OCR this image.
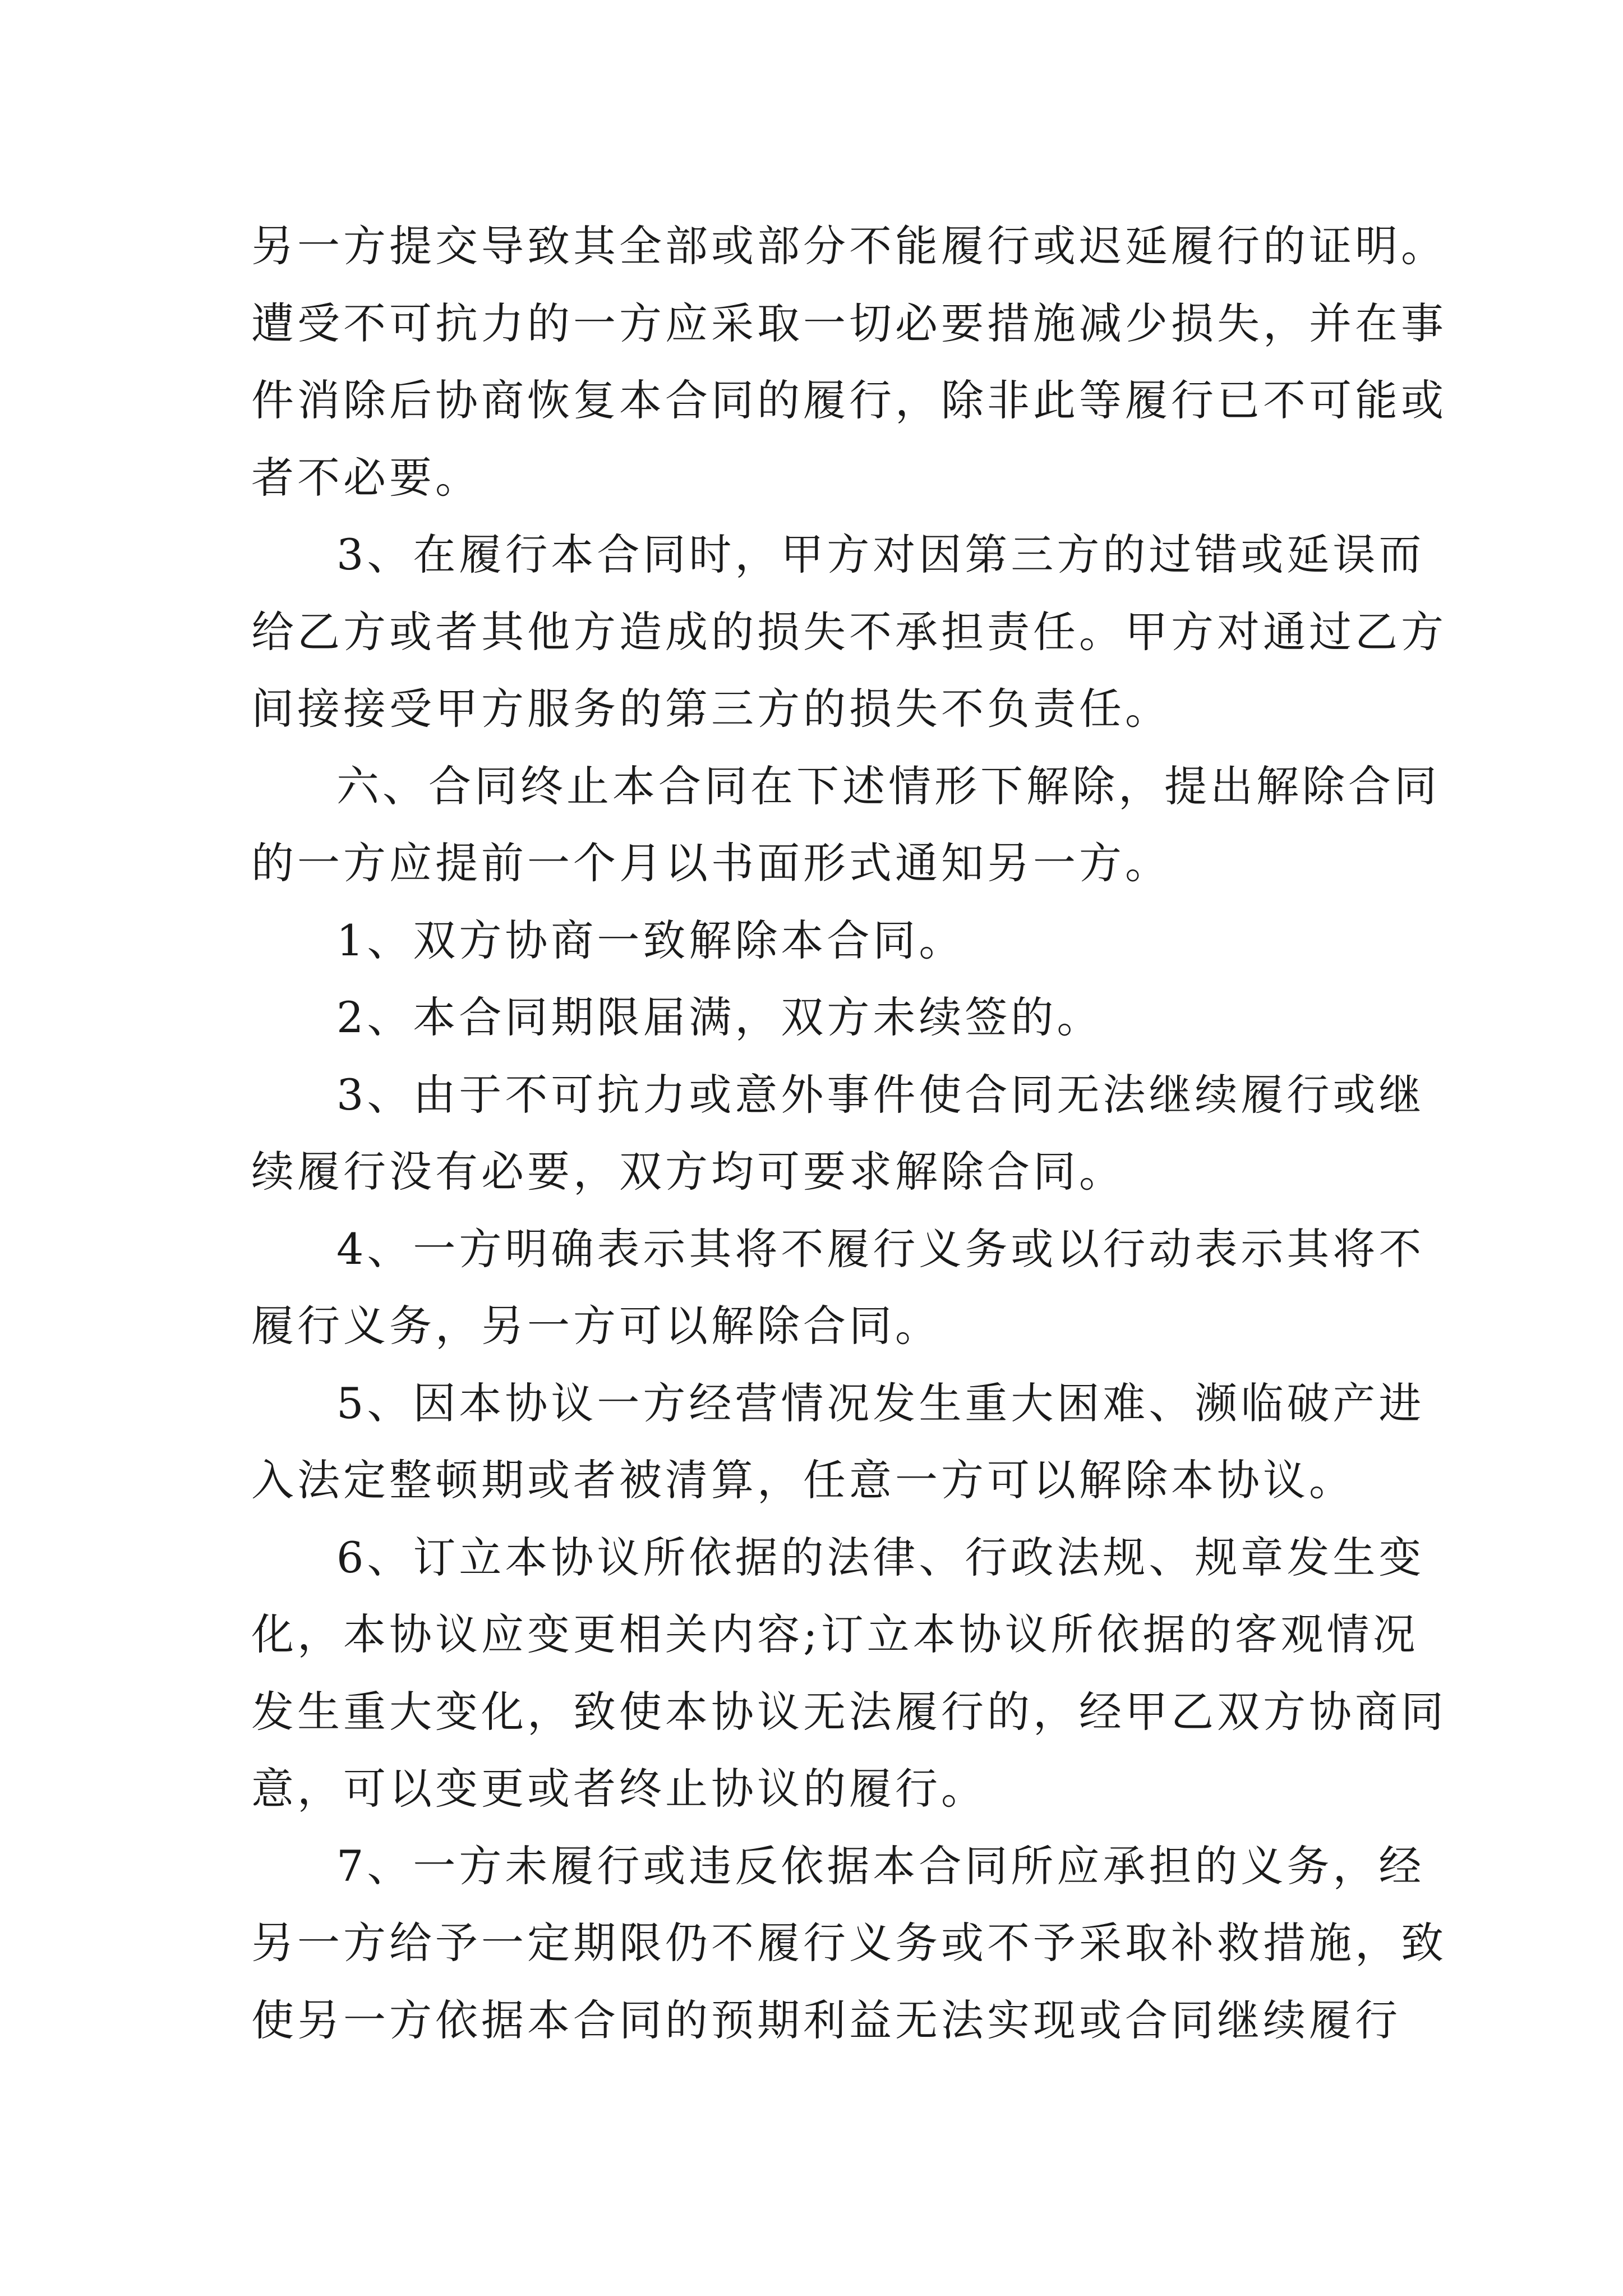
另一方提交导致其全部或部分不能履行或迟延履行的证明。
遭受不可抗力的一方应采取一切必要措施减少损失，并在事
件消除后协商恢复本合同的履行，除非此等履行已不可能或
者不必要。
3、在履行本合同时，甲方对因第三方的过错或延误而
给乙方或者其他方造成的损失不承担责任。甲方对通过乙方
间接接受甲方服务的第三方的损失不负责任。
六、合同终止本合同在下述情形下解除，提出解除合同
的一方应提前一个月以书面形式通知另一方。
1、双方协商一致解除本合同。
2、本合同期限届满，双方未续签的。
3、由于不可抗力或意外事件使合同无法继续履行或继
续履行没有必要，双方均可要求解除合同。
4、一方明确表示其将不履行义务或以行动表示其将不
履行义务，另一方可以解除合同。
5、因本协议一方经营情况发生重大困难、濒临破产进
入法定整顿期或者被清算，任意一方可以解除本协议。
6、订立本协议所依据的法律、行政法规、规章发生变
化，本协议应变更相关内容;订立本协议所依据的客观情况
发生重大变化，致使本协议无法履行的，经甲乙双方协商同
意，可以变更或者终止协议的履行。
7、一方未履行或违反依据本合同所应承担的义务，经
另一方给予一定期限仍不履行义务或不予采取补救措施，致
使另一方依据本合同的预期利益无法实现或合同继续履行
